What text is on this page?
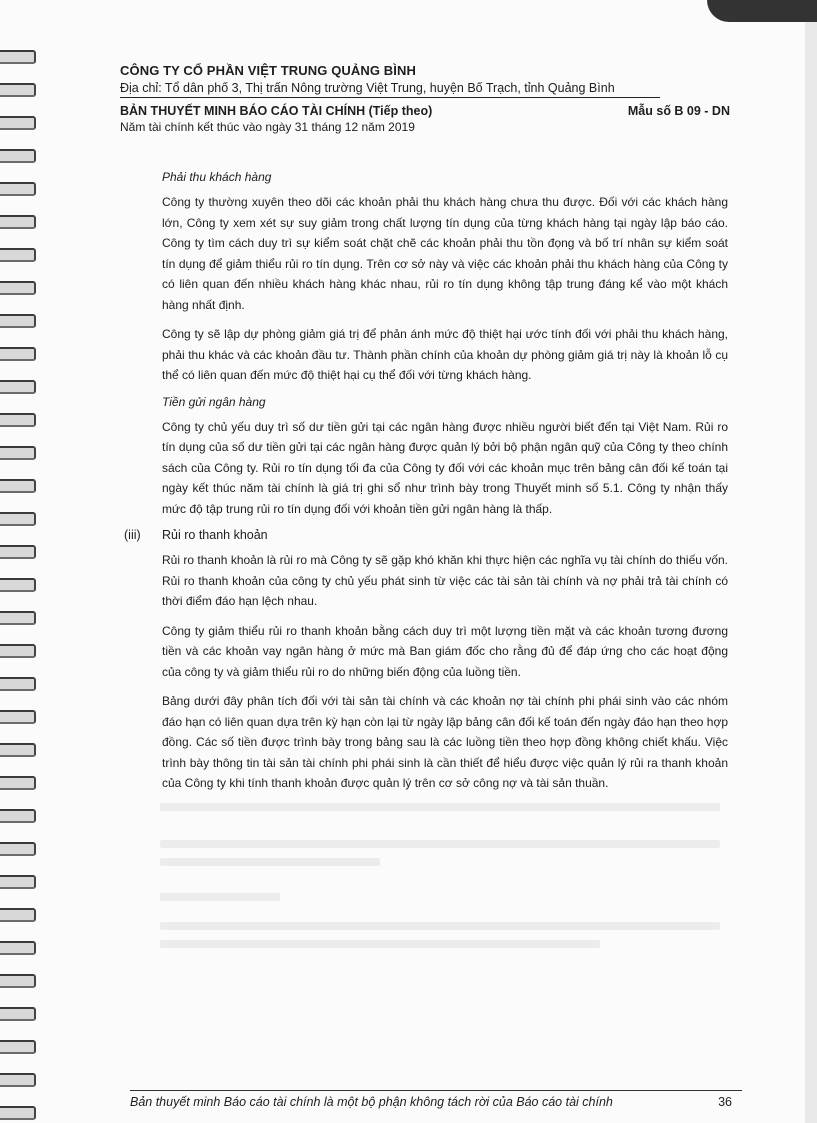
CÔNG TY CỔ PHẦN VIỆT TRUNG QUẢNG BÌNH
Địa chỉ: Tổ dân phố 3, Thị trấn Nông trường Việt Trung, huyện Bố Trạch, tỉnh Quảng Bình
BẢN THUYẾT MINH BÁO CÁO TÀI CHÍNH (Tiếp theo)	Mẫu số B 09 - DN
Năm tài chính kết thúc vào ngày 31 tháng 12 năm 2019
Phải thu khách hàng

Công ty thường xuyên theo dõi các khoản phải thu khách hàng chưa thu được. Đối với các khách hàng lớn, Công ty xem xét sự suy giảm trong chất lượng tín dụng của từng khách hàng tại ngày lập báo cáo. Công ty tìm cách duy trì sự kiểm soát chặt chẽ các khoản phải thu tồn đọng và bố trí nhân sự kiểm soát tín dụng để giảm thiểu rủi ro tín dụng. Trên cơ sở này và việc các khoản phải thu khách hàng của Công ty có liên quan đến nhiều khách hàng khác nhau, rủi ro tín dụng không tập trung đáng kể vào một khách hàng nhất định.

Công ty sẽ lập dự phòng giảm giá trị để phản ánh mức độ thiệt hại ước tính đối với phải thu khách hàng, phải thu khác và các khoản đầu tư. Thành phần chính của khoản dự phòng giảm giá trị này là khoản lỗ cụ thể có liên quan đến mức độ thiệt hại cụ thể đối với từng khách hàng.

Tiền gửi ngân hàng

Công ty chủ yếu duy trì số dư tiền gửi tại các ngân hàng được nhiều người biết đến tại Việt Nam. Rủi ro tín dụng của số dư tiền gửi tại các ngân hàng được quản lý bởi bộ phận ngân quỹ của Công ty theo chính sách của Công ty. Rủi ro tín dụng tối đa của Công ty đối với các khoản mục trên bảng cân đối kế toán tại ngày kết thúc năm tài chính là giá trị ghi sổ như trình bày trong Thuyết minh số 5.1. Công ty nhận thấy mức độ tập trung rủi ro tín dụng đối với khoản tiền gửi ngân hàng là thấp.

(iii) Rủi ro thanh khoản

Rủi ro thanh khoản là rủi ro mà Công ty sẽ gặp khó khăn khi thực hiện các nghĩa vụ tài chính do thiếu vốn. Rủi ro thanh khoản của công ty chủ yếu phát sinh từ việc các tài sản tài chính và nợ phải trả tài chính có thời điểm đáo hạn lệch nhau.

Công ty giảm thiểu rủi ro thanh khoản bằng cách duy trì một lượng tiền mặt và các khoản tương đương tiền và các khoản vay ngân hàng ở mức mà Ban giám đốc cho rằng đủ để đáp ứng cho các hoạt động của công ty và giảm thiểu rủi ro do những biến động của luồng tiền.

Bảng dưới đây phân tích đối với tài sản tài chính và các khoản nợ tài chính phi phái sinh vào các nhóm đáo hạn có liên quan dựa trên kỳ hạn còn lại từ ngày lập bảng cân đối kế toán đến ngày đáo hạn theo hợp đồng. Các số tiền được trình bày trong bảng sau là các luồng tiền theo hợp đồng không chiết khấu. Việc trình bày thông tin tài sản tài chính phi phái sinh là cần thiết để hiểu được việc quản lý rủi ra thanh khoản của Công ty khi tính thanh khoản được quản lý trên cơ sở công nợ và tài sản thuần.

Bản thuyết minh Báo cáo tài chính là một bộ phận không tách rời của Báo cáo tài chính	36
